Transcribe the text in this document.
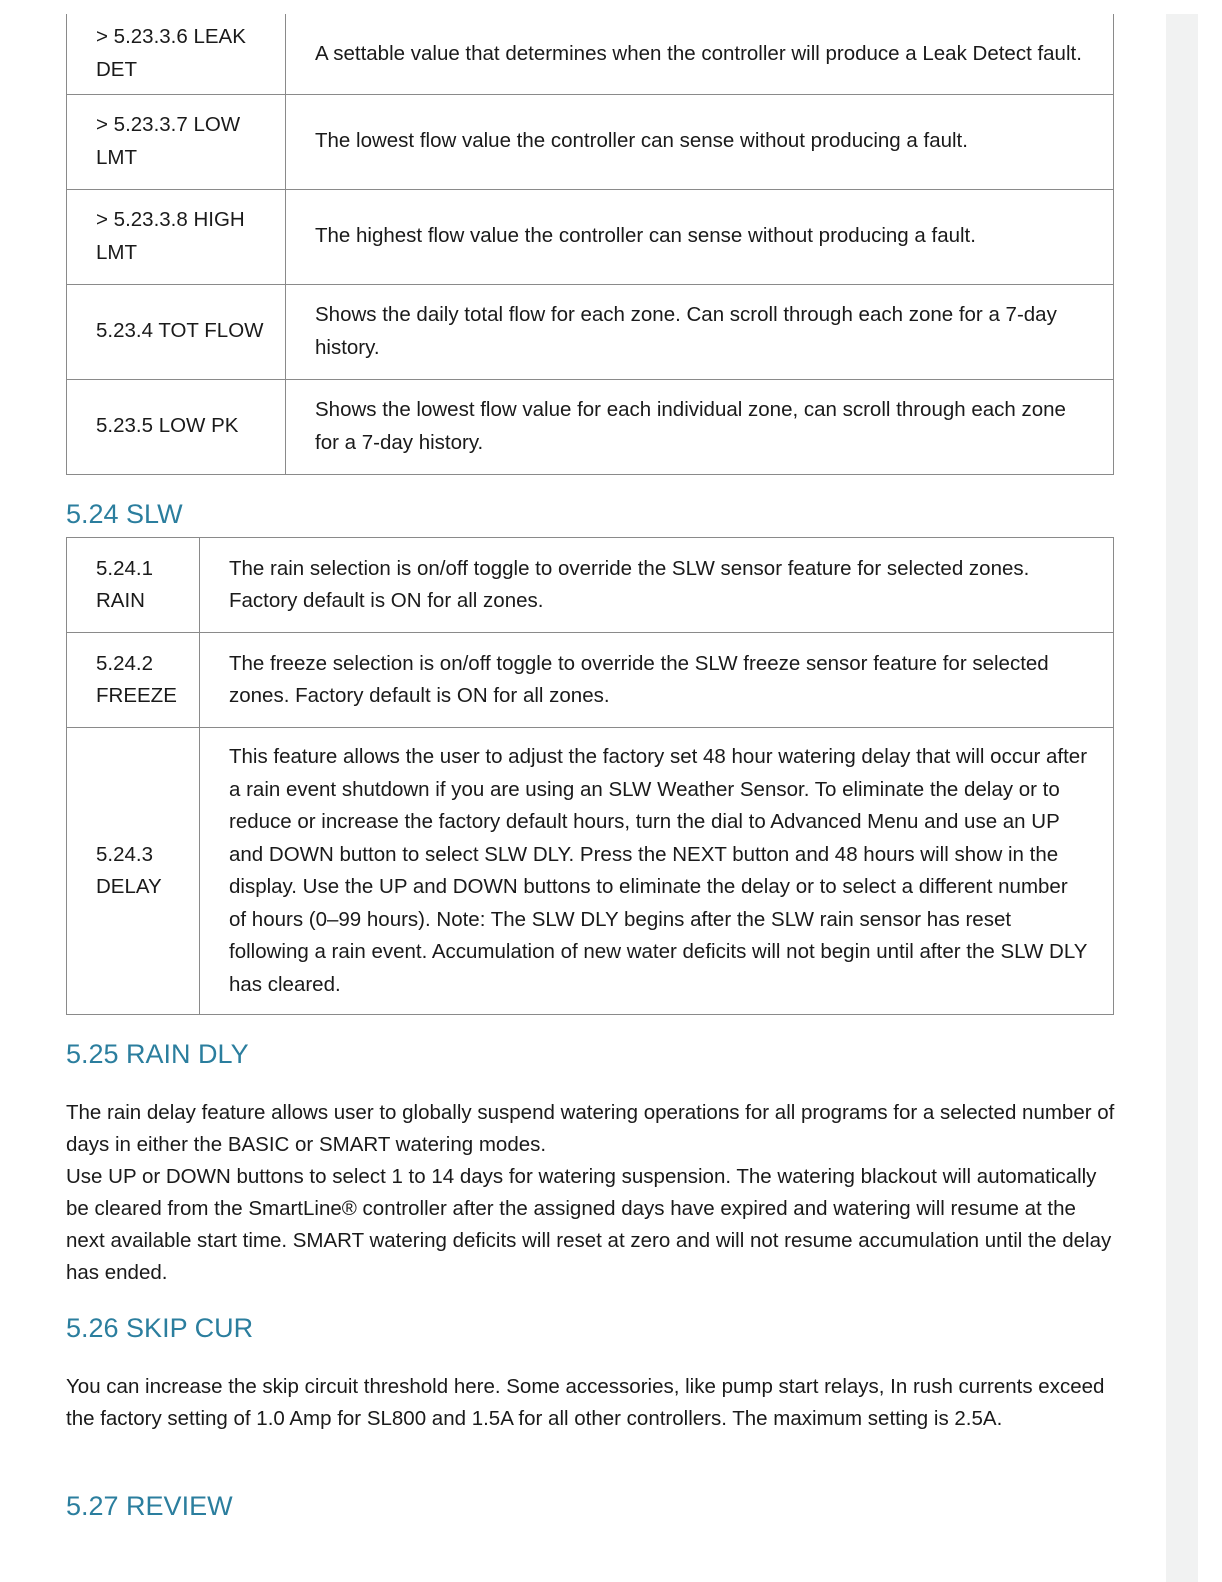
> 5.23.3.6 LEAK DET	A settable value that determines when the controller will produce a Leak Detect fault.
> 5.23.3.7 LOW LMT	The lowest flow value the controller can sense without producing a fault.
> 5.23.3.8 HIGH LMT	The highest flow value the controller can sense without producing a fault.
5.23.4 TOT FLOW	Shows the daily total flow for each zone. Can scroll through each zone for a 7-day history.
5.23.5 LOW PK	Shows the lowest flow value for each individual zone, can scroll through each zone for a 7-day history.
5.24 SLW
5.24.1 RAIN	The rain selection is on/off toggle to override the SLW sensor feature for selected zones. Factory default is ON for all zones.
5.24.2 FREEZE	The freeze selection is on/off toggle to override the SLW freeze sensor feature for selected zones. Factory default is ON for all zones.
5.24.3 DELAY	This feature allows the user to adjust the factory set 48 hour watering delay that will occur after a rain event shutdown if you are using an SLW Weather Sensor. To eliminate the delay or to reduce or increase the factory default hours, turn the dial to Advanced Menu and use an UP and DOWN button to select SLW DLY. Press the NEXT button and 48 hours will show in the display. Use the UP and DOWN buttons to eliminate the delay or to select a different number of hours (0–99 hours). Note: The SLW DLY begins after the SLW rain sensor has reset following a rain event. Accumulation of new water deficits will not begin until after the SLW DLY has cleared.
5.25 RAIN DLY

The rain delay feature allows user to globally suspend watering operations for all programs for a selected number of days in either the BASIC or SMART watering modes.

Use UP or DOWN buttons to select 1 to 14 days for watering suspension. The watering blackout will automatically be cleared from the SmartLine® controller after the assigned days have expired and watering will resume at the next available start time. SMART watering deficits will reset at zero and will not resume accumulation until the delay has ended.

5.26 SKIP CUR

You can increase the skip circuit threshold here. Some accessories, like pump start relays, In rush currents exceed the factory setting of 1.0 Amp for SL800 and 1.5A for all other controllers. The maximum setting is 2.5A.

5.27 REVIEW
